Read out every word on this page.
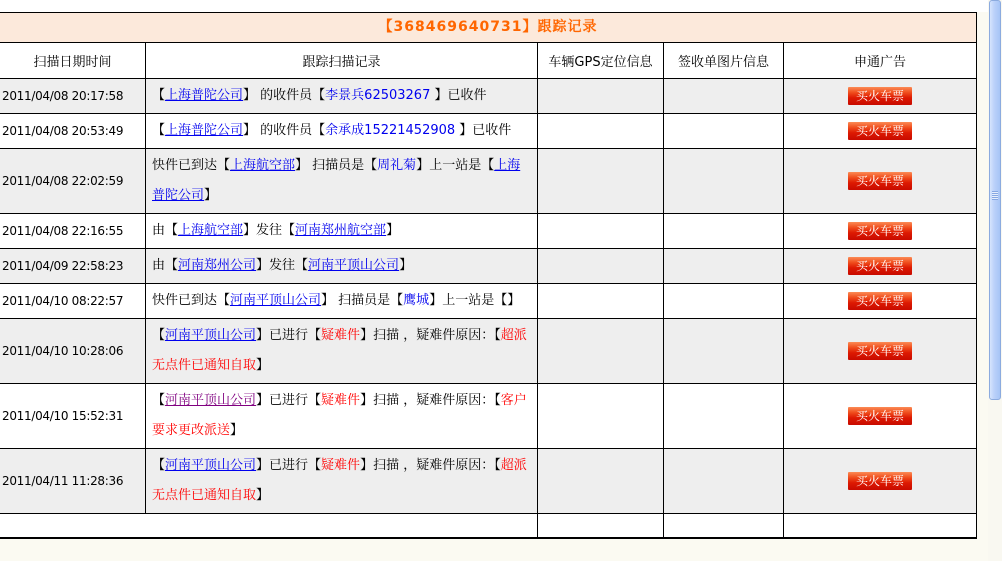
【368469640731】跟踪记录
扫描日期时间	跟踪扫描记录	车辆GPS定位信息	签收单图片信息	申通广告
2011/04/08 20:17:58	【上海普陀公司】 的收件员【李景兵62503267 】已收件			买火车票
2011/04/08 20:53:49	【上海普陀公司】 的收件员【余承成15221452908 】已收件			买火车票
2011/04/08 22:02:59	快件已到达【上海航空部】 扫描员是【周礼菊】上一站是【上海普陀公司】			买火车票
2011/04/08 22:16:55	由【上海航空部】发往【河南郑州航空部】			买火车票
2011/04/09 22:58:23	由【河南郑州公司】发往【河南平顶山公司】			买火车票
2011/04/10 08:22:57	快件已到达【河南平顶山公司】 扫描员是【鹰城】上一站是【】			买火车票
2011/04/10 10:28:06	【河南平顶山公司】已进行【疑难件】扫描 ，疑难件原因：【超派无点件已通知自取】			买火车票
2011/04/10 15:52:31	【河南平顶山公司】已进行【疑难件】扫描 ，疑难件原因：【客户要求更改派送】			买火车票
2011/04/11 11:28:36	【河南平顶山公司】已进行【疑难件】扫描 ，疑难件原因：【超派无点件已通知自取】			买火车票
